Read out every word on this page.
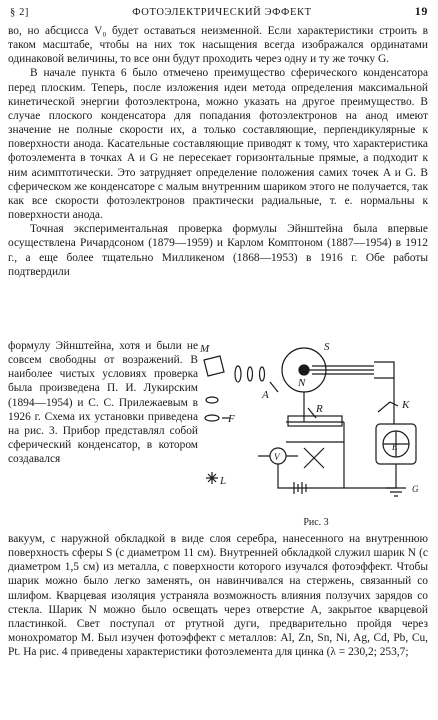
§ 2]	ФОТОЭЛЕКТРИЧЕСКИЙ ЭФФЕКТ	19

во, но абсцисса V₀ будет оставаться неизменной. Если характеристики строить в таком масштабе, чтобы на них ток насыщения всегда изображался ординатами одинаковой величины, то все они будут проходить через одну и ту же точку G.

В начале пункта 6 было отмечено преимущество сферического конденсатора перед плоским. Теперь, после изложения идеи метода определения максимальной кинетической энергии фотоэлектрона, можно указать на другое преимущество. В случае плоского конденсатора для попадания фотоэлектронов на анод имеют значение не полные скорости их, а только составляющие, перпендикулярные к поверхности анода. Касательные составляющие приводят к тому, что характеристика фотоэлемента в точках A и G не пересекает горизонтальные прямые, а подходит к ним асимптотически. Это затрудняет определение положения самих точек A и G. В сферическом же конденсаторе с малым внутренним шариком этого не получается, так как все скорости фотоэлектронов практически радиальные, т. е. нормальны к поверхности анода.

Точная экспериментальная проверка формулы Эйнштейна была впервые осуществлена Ричардсоном (1879—1959) и Карлом Комптоном (1887—1954) в 1912 г., а еще более тщательно Милликеном (1868—1953) в 1916 г. Обе работы подтвердили

формулу Эйнштейна, хотя и были не совсем свободны от возражений. В наиболее чистых условиях проверка была произведена П. И. Лукирским (1894—1954) и С. С. Прилежаевым в 1926 г. Схема их установки приведена на рис. 3. Прибор представлял собой сферический конденсатор, в котором создавался
M
F
L
S
N
A
R
V
K
E
G
Рис. 3
вакуум, с наружной обкладкой в виде слоя серебра, нанесенного на внутреннюю поверхность сферы S (с диаметром 11 см). Внутренней обкладкой служил шарик N (с диаметром 1,5 см) из металла, с поверхности которого изучался фотоэффект. Чтобы шарик можно было легко заменять, он навинчивался на стержень, связанный со шлифом. Кварцевая изоляция устраняла возможность влияния ползучих зарядов со стекла. Шарик N можно было освещать через отверстие A, закрытое кварцевой пластинкой. Свет поступал от ртутной дуги, предварительно пройдя через монохроматор M. Был изучен фотоэффект с металлов: Al, Zn, Sn, Ni, Ag, Cd, Pb, Cu, Pt. На рис. 4 приведены характеристики фотоэлемента для цинка (λ = 230,2; 253,7;
